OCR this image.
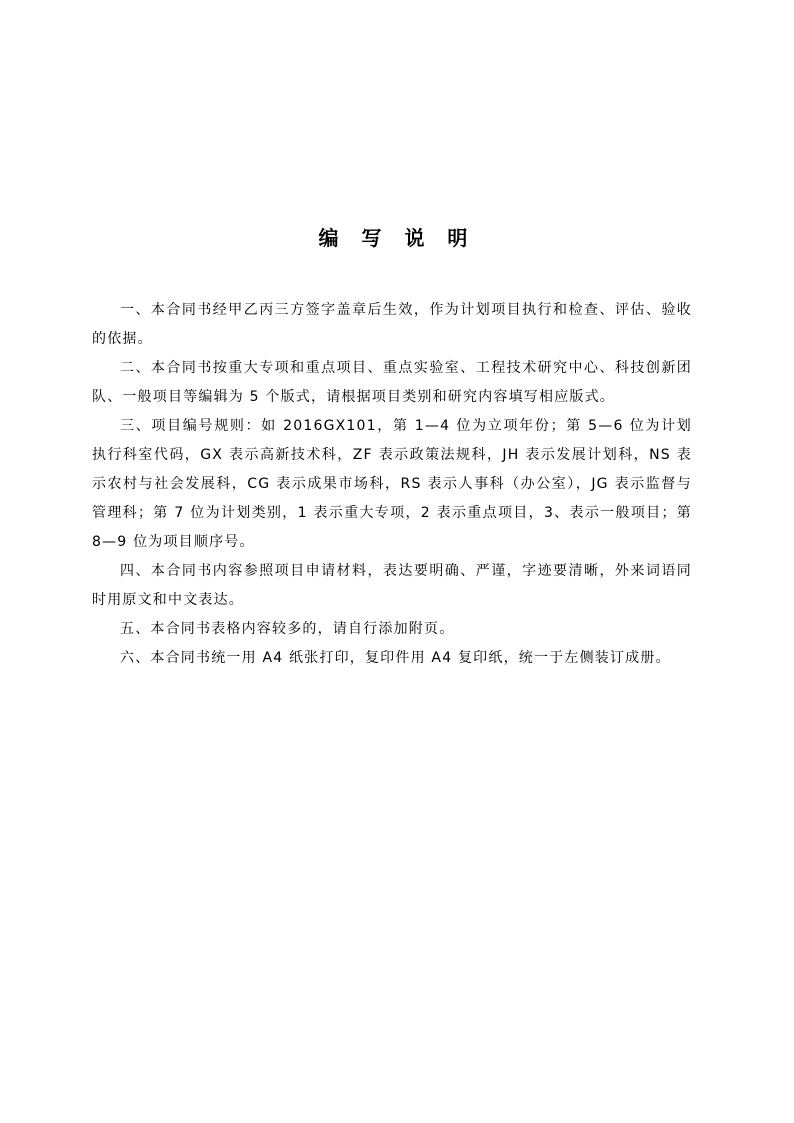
编 写 说 明

一、本合同书经甲乙丙三方签字盖章后生效，作为计划项目执行和检查、评估、验收的依据。

二、本合同书按重大专项和重点项目、重点实验室、工程技术研究中心、科技创新团队、一般项目等编辑为 5 个版式，请根据项目类别和研究内容填写相应版式。

三、项目编号规则：如 2016GX101，第 1—4 位为立项年份；第 5—6 位为计划执行科室代码，GX 表示高新技术科，ZF 表示政策法规科，JH 表示发展计划科，NS 表示农村与社会发展科，CG 表示成果市场科，RS 表示人事科（办公室），JG 表示监督与管理科；第 7 位为计划类别，1 表示重大专项，2 表示重点项目，3、表示一般项目；第 8—9 位为项目顺序号。

四、本合同书内容参照项目申请材料，表达要明确、严谨，字迹要清晰，外来词语同时用原文和中文表达。

五、本合同书表格内容较多的，请自行添加附页。

六、本合同书统一用 A4 纸张打印，复印件用 A4 复印纸，统一于左侧装订成册。
